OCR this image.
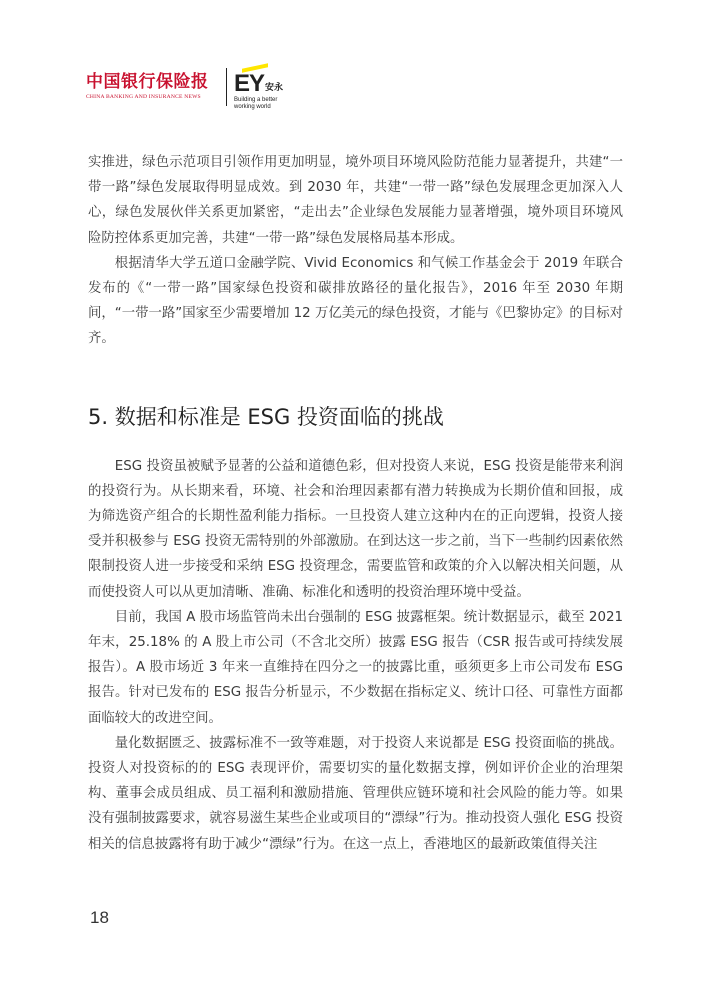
中国银行保险报
CHINA BANKING AND INSURANCE NEWS	EY 安永
Building a better working world

实推进，绿色示范项目引领作用更加明显，境外项目环境风险防范能力显著提升，共建“一带一路”绿色发展取得明显成效。到 2030 年，共建“一带一路”绿色发展理念更加深入人心，绿色发展伙伴关系更加紧密，“走出去”企业绿色发展能力显著增强，境外项目环境风险防控体系更加完善，共建“一带一路”绿色发展格局基本形成。

根据清华大学五道口金融学院、Vivid Economics 和气候工作基金会于 2019 年联合发布的《“一带一路”国家绿色投资和碳排放路径的量化报告》，2016 年至 2030 年期间，“一带一路”国家至少需要增加 12 万亿美元的绿色投资，才能与《巴黎协定》的目标对齐。

5. 数据和标准是 ESG 投资面临的挑战

ESG 投资虽被赋予显著的公益和道德色彩，但对投资人来说，ESG 投资是能带来利润的投资行为。从长期来看，环境、社会和治理因素都有潜力转换成为长期价值和回报，成为筛选资产组合的长期性盈利能力指标。一旦投资人建立这种内在的正向逻辑，投资人接受并积极参与 ESG 投资无需特别的外部激励。在到达这一步之前，当下一些制约因素依然限制投资人进一步接受和采纳 ESG 投资理念，需要监管和政策的介入以解决相关问题，从而使投资人可以从更加清晰、准确、标准化和透明的投资治理环境中受益。

目前，我国 A 股市场监管尚未出台强制的 ESG 披露框架。统计数据显示，截至 2021 年末，25.18% 的 A 股上市公司（不含北交所）披露 ESG 报告（CSR 报告或可持续发展报告）。A 股市场近 3 年来一直维持在四分之一的披露比重，亟须更多上市公司发布 ESG 报告。针对已发布的 ESG 报告分析显示，不少数据在指标定义、统计口径、可靠性方面都面临较大的改进空间。

量化数据匮乏、披露标准不一致等难题，对于投资人来说都是 ESG 投资面临的挑战。投资人对投资标的的 ESG 表现评价，需要切实的量化数据支撑，例如评价企业的治理架构、董事会成员组成、员工福利和激励措施、管理供应链环境和社会风险的能力等。如果没有强制披露要求，就容易滋生某些企业或项目的“漂绿”行为。推动投资人强化 ESG 投资相关的信息披露将有助于减少“漂绿”行为。在这一点上，香港地区的最新政策值得关注

18
